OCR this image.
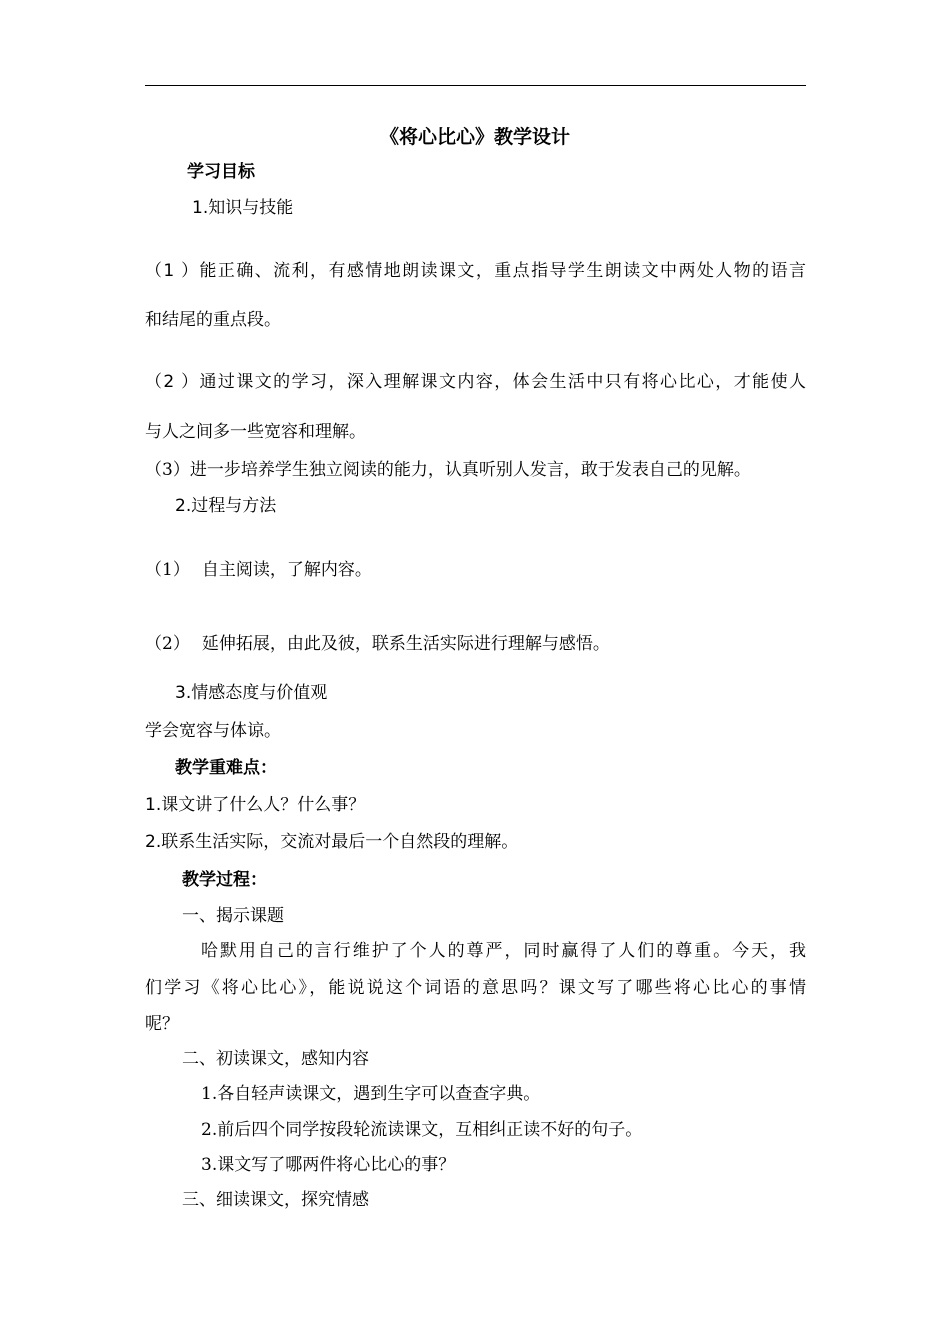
《将心比心》教学设计
学习目标
1.知识与技能
（1 ）能正确、流利，有感情地朗读课文，重点指导学生朗读文中两处人物的语言
和结尾的重点段。
（2 ）通过课文的学习，深入理解课文内容，体会生活中只有将心比心，才能使人
与人之间多一些宽容和理解。
（3）进一步培养学生独立阅读的能力，认真听别人发言，敢于发表自己的见解。
2.过程与方法
（1） 自主阅读，了解内容。
（2） 延伸拓展，由此及彼，联系生活实际进行理解与感悟。
3.情感态度与价值观
学会宽容与体谅。
教学重难点：
1.课文讲了什么人？什么事？
2.联系生活实际，交流对最后一个自然段的理解。
教学过程：
一、揭示课题
哈默用自己的言行维护了个人的尊严，同时赢得了人们的尊重。今天，我
们学习《将心比心》，能说说这个词语的意思吗？课文写了哪些将心比心的事情
呢？
二、初读课文，感知内容
1.各自轻声读课文，遇到生字可以查查字典。
2.前后四个同学按段轮流读课文，互相纠正读不好的句子。
3.课文写了哪两件将心比心的事？
三、细读课文，探究情感
